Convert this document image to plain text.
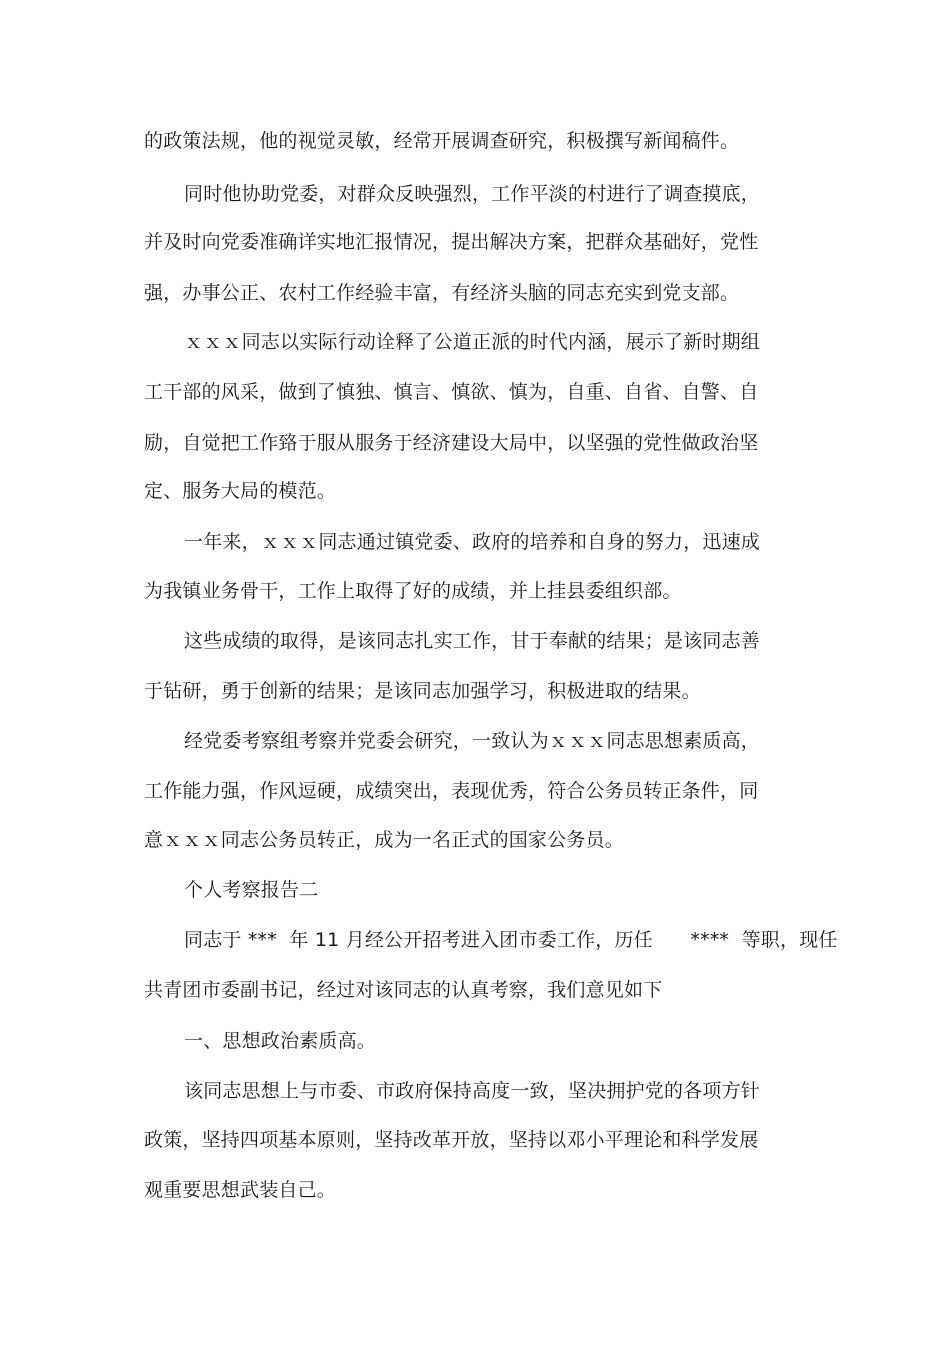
的政策法规，他的视觉灵敏，经常开展调查研究，积极撰写新闻稿件。
同时他协助党委，对群众反映强烈，工作平淡的村进行了调查摸底，
并及时向党委准确详实地汇报情况，提出解决方案，把群众基础好，党性
强，办事公正、农村工作经验丰富，有经济头脑的同志充实到党支部。
ｘｘｘ同志以实际行动诠释了公道正派的时代内涵，展示了新时期组
工干部的风采，做到了慎独、慎言、慎欲、慎为，自重、自省、自警、自
励，自觉把工作臵于服从服务于经济建设大局中，以坚强的党性做政治坚
定、服务大局的模范。
一年来，ｘｘｘ同志通过镇党委、政府的培养和自身的努力，迅速成
为我镇业务骨干，工作上取得了好的成绩，并上挂县委组织部。
这些成绩的取得，是该同志扎实工作，甘于奉献的结果；是该同志善
于钻研，勇于创新的结果；是该同志加强学习，积极进取的结果。
经党委考察组考察并党委会研究，一致认为ｘｘｘ同志思想素质高，
工作能力强，作风逗硬，成绩突出，表现优秀，符合公务员转正条件，同
意ｘｘｘ同志公务员转正，成为一名正式的国家公务员。
个人考察报告二
同志于 ***  年 11 月经公开招考进入团市委工作，历任      ****  等职，现任
共青团市委副书记，经过对该同志的认真考察，我们意见如下
一、思想政治素质高。
该同志思想上与市委、市政府保持高度一致，坚决拥护党的各项方针
政策，坚持四项基本原则，坚持改革开放，坚持以邓小平理论和科学发展
观重要思想武装自己。
